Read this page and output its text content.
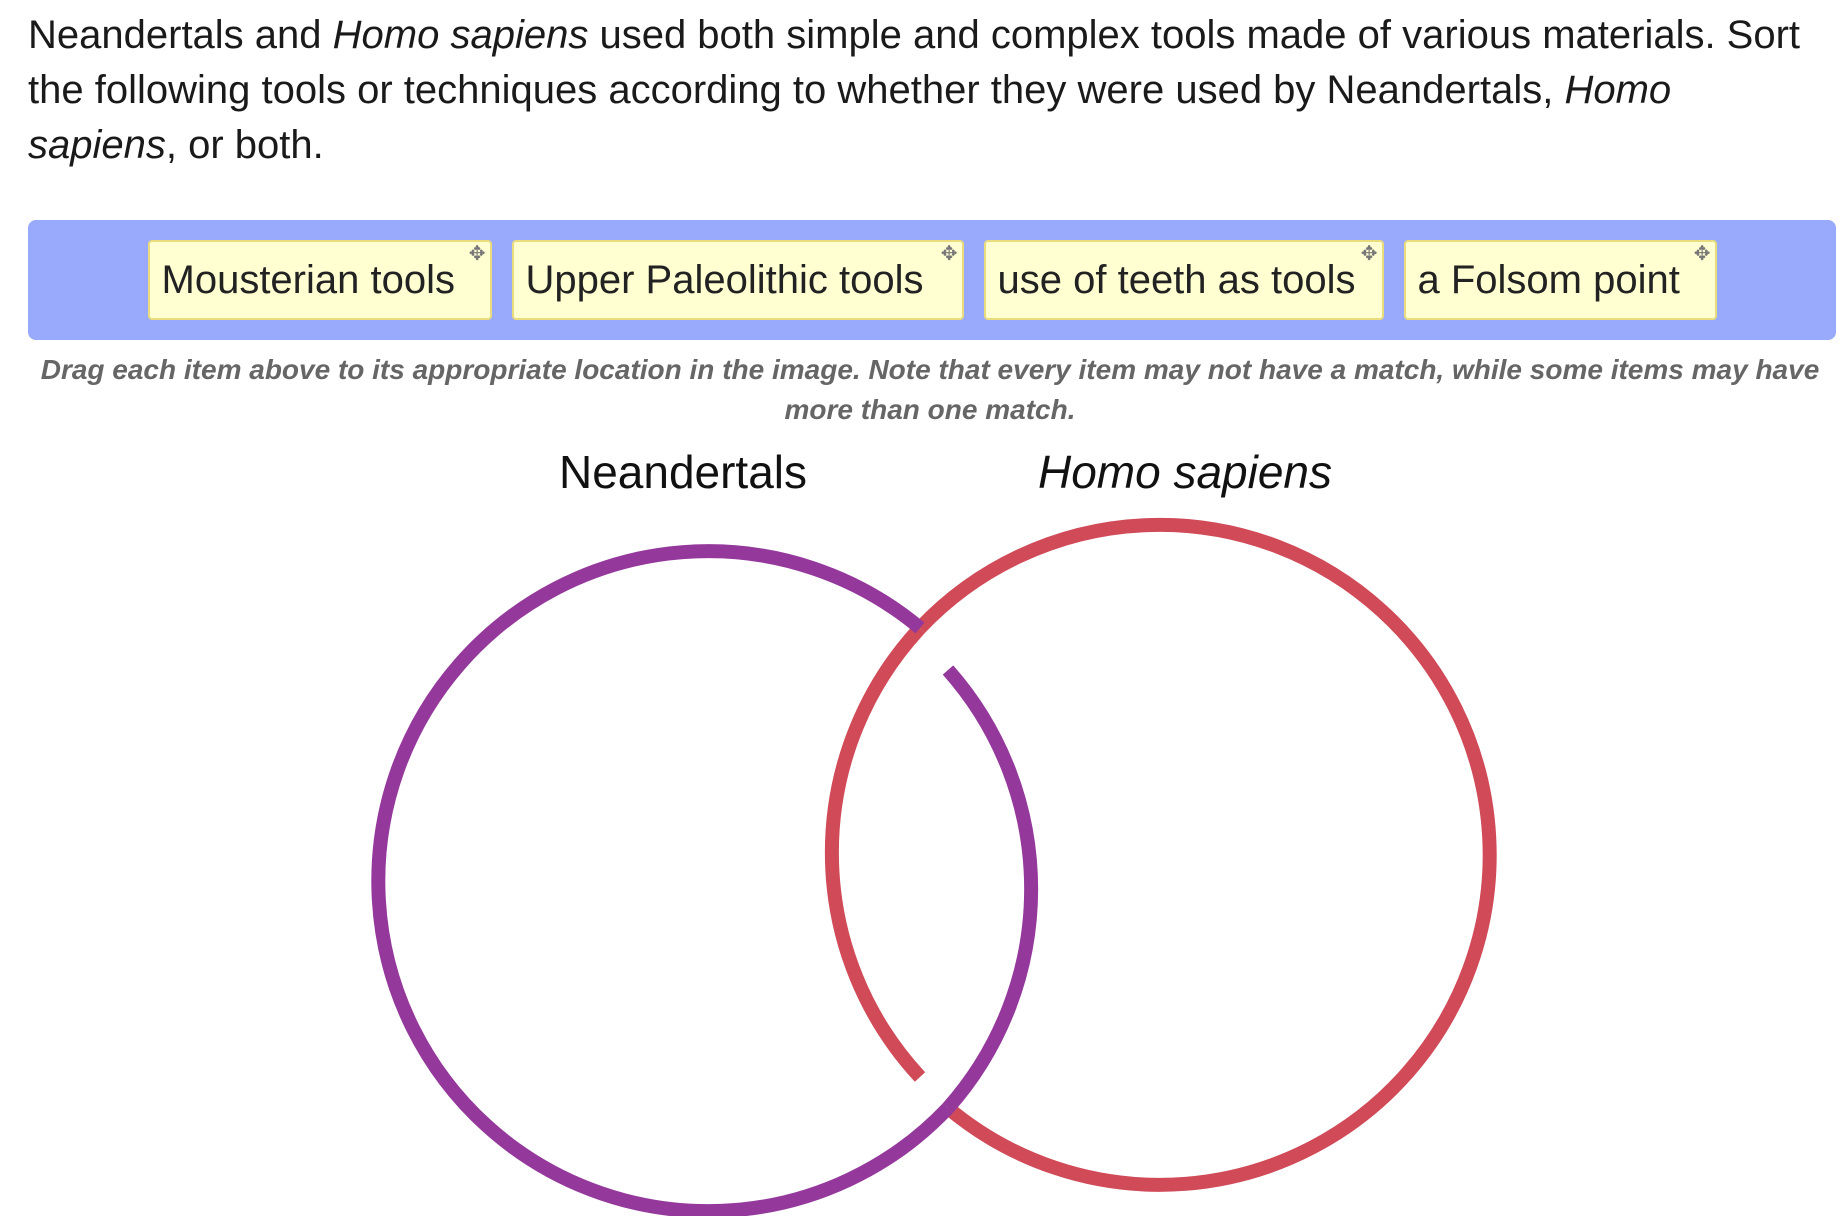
Neandertals and Homo sapiens used both simple and complex tools made of various materials. Sort the following tools or techniques according to whether they were used by Neandertals, Homo sapiens, or both.

Mousterian tools
✥
Upper Paleolithic tools
✥
use of teeth as tools
✥
a Folsom point
✥

Drag each item above to its appropriate location in the image. Note that every item may not have a match, while some items may have more than one match.

Neandertals	Homo sapiens
